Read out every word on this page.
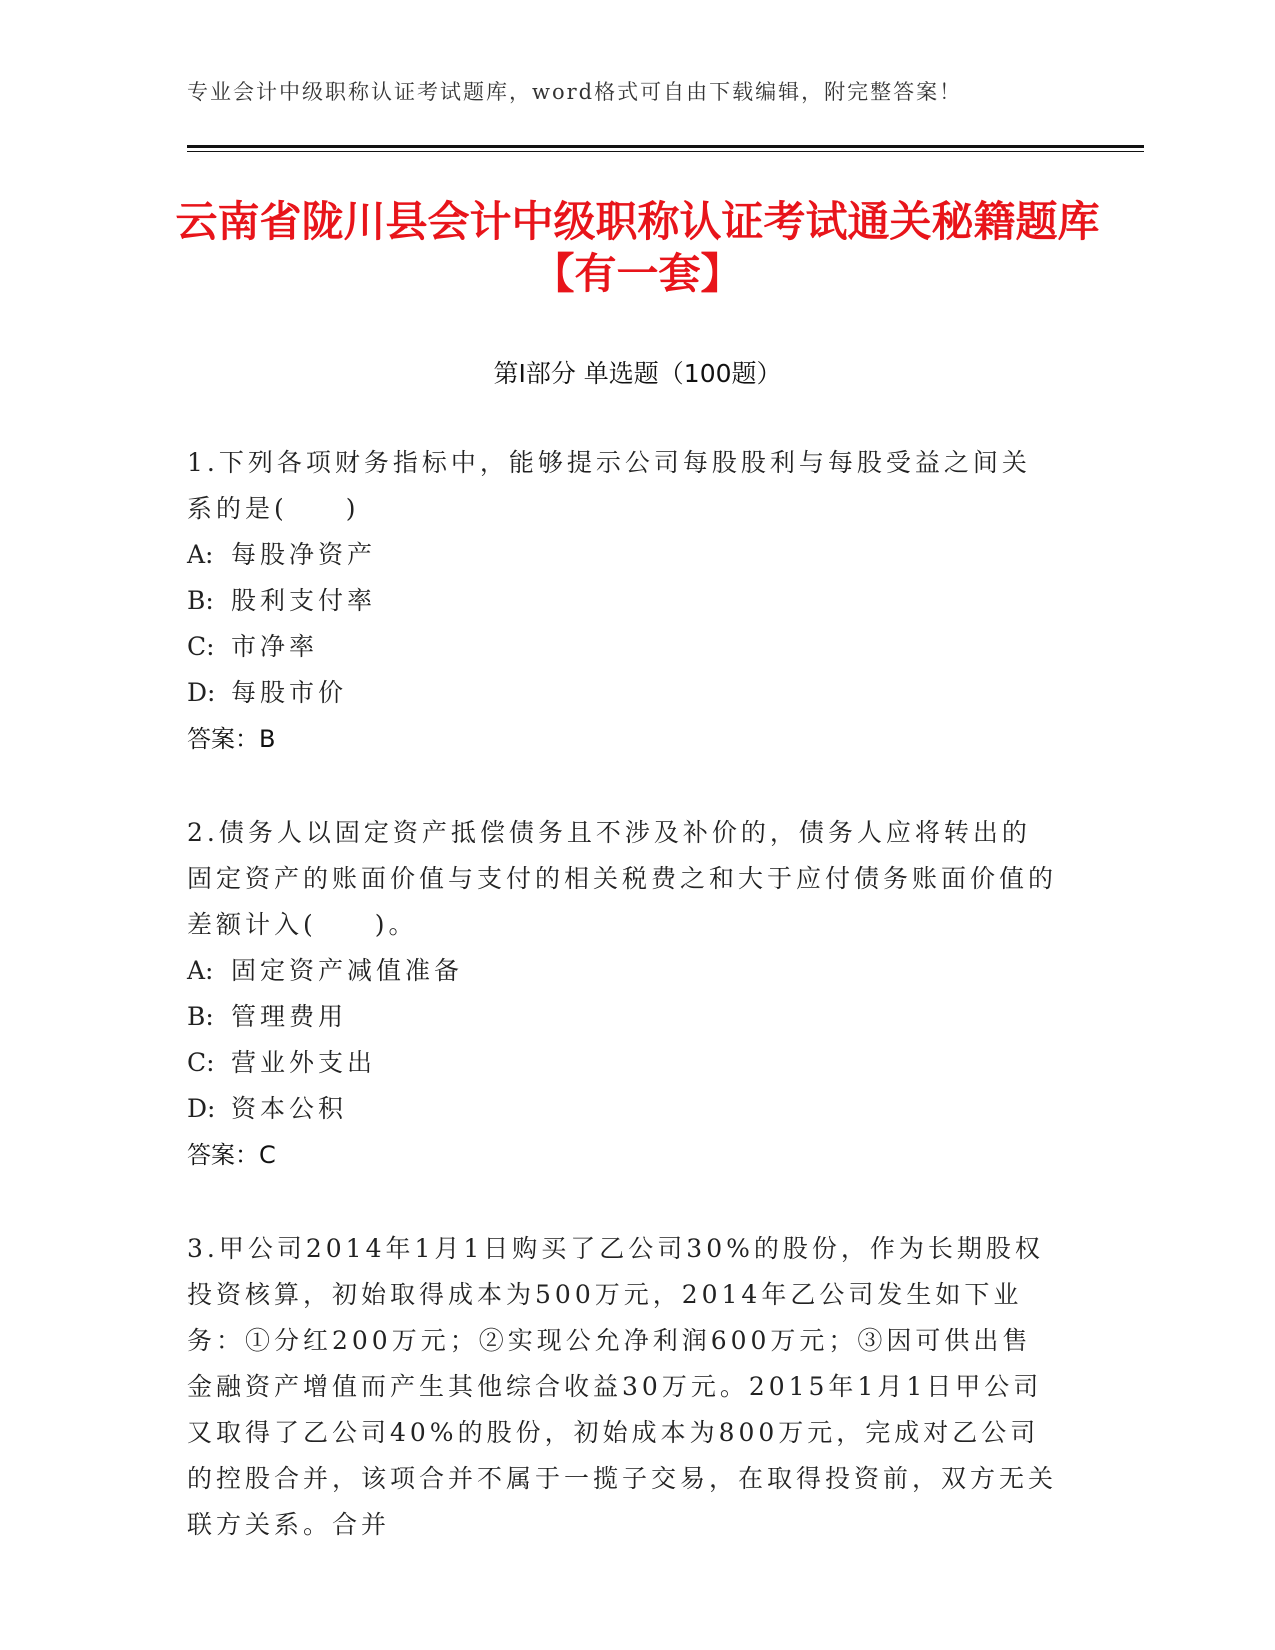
专业会计中级职称认证考试题库，word格式可自由下载编辑，附完整答案！
云南省陇川县会计中级职称认证考试通关秘籍题库【有一套】
第Ⅰ部分 单选题（100题）

1.下列各项财务指标中，能够提示公司每股股利与每股受益之间关系的是(　　)

A: 每股净资产
B: 股利支付率
C: 市净率
D: 每股市价
答案：B

2.债务人以固定资产抵偿债务且不涉及补价的，债务人应将转出的固定资产的账面价值与支付的相关税费之和大于应付债务账面价值的差额计入(　　)。

A: 固定资产减值准备
B: 管理费用
C: 营业外支出
D: 资本公积
答案：C

3.甲公司2014年1月1日购买了乙公司30%的股份，作为长期股权投资核算，初始取得成本为500万元，2014年乙公司发生如下业务：①分红200万元；②实现公允净利润600万元；③因可供出售金融资产增值而产生其他综合收益30万元。2015年1月1日甲公司又取得了乙公司40%的股份，初始成本为800万元，完成对乙公司的控股合并，该项合并不属于一揽子交易，在取得投资前，双方无关联方关系。合并
